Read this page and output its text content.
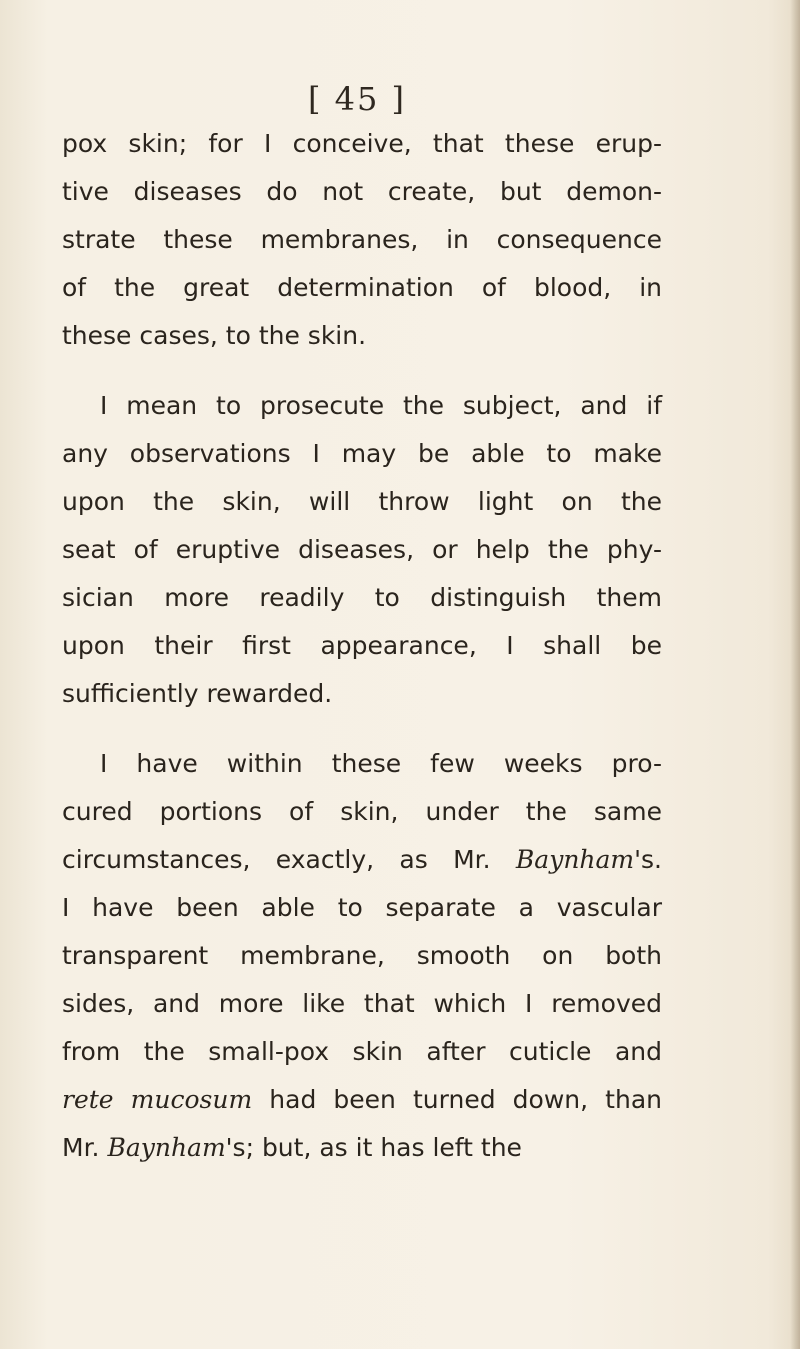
[ 45 ]
pox skin; for I conceive, that these erup-
tive diseases do not create, but demon-
strate these membranes, in consequence
of the great determination of blood, in
these cases, to the skin.
I mean to prosecute the subject, and if
any observations I may be able to make
upon the skin, will throw light on the
seat of eruptive diseases, or help the phy-
sician more readily to distinguish them
upon their first appearance, I shall be
sufficiently rewarded.
I have within these few weeks pro-
cured portions of skin, under the same
circumstances, exactly, as Mr. Baynham's.
I have been able to separate a vascular
transparent membrane, smooth on both
sides, and more like that which I removed
from the small-pox skin after cuticle and
rete mucosum had been turned down, than
Mr. Baynham's; but, as it has left the
